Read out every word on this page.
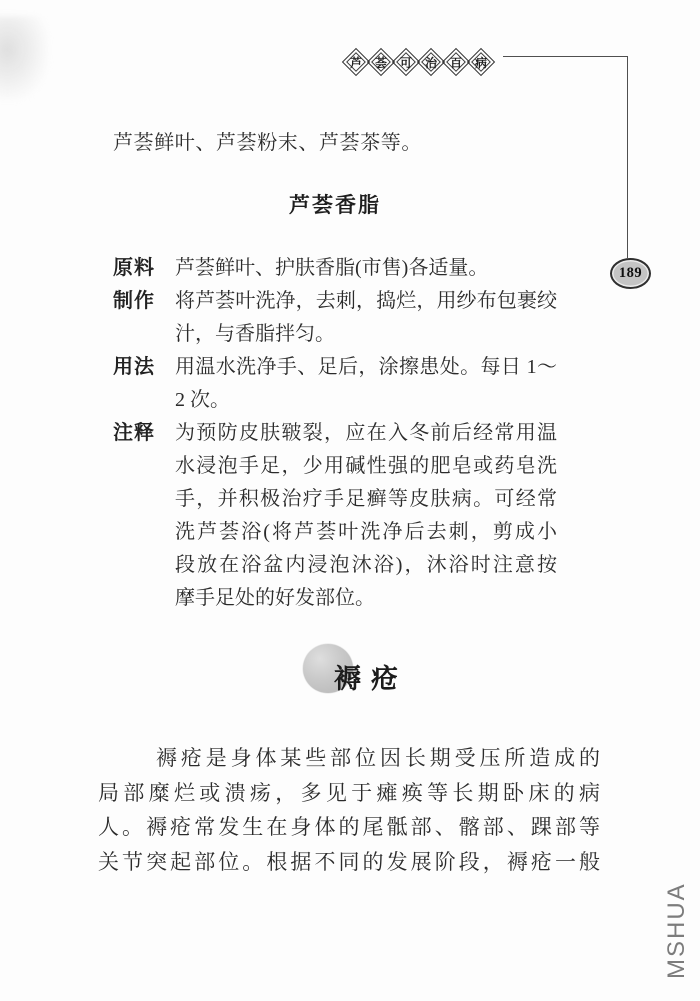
芦	荟	可	治	百	病
189
芦荟鲜叶、芦荟粉末、芦荟茶等。
芦荟香脂
原料 芦荟鲜叶、护肤香脂(市售)各适量。
制作 将芦荟叶洗净，去刺，捣烂，用纱布包裹绞
汁，与香脂拌匀。
用法 用温水洗净手、足后，涂擦患处。每日 1～
2 次。
注释 为预防皮肤皲裂，应在入冬前后经常用温
水浸泡手足，少用碱性强的肥皂或药皂洗
手，并积极治疗手足癣等皮肤病。可经常
洗芦荟浴(将芦荟叶洗净后去刺，剪成小
段放在浴盆内浸泡沐浴)，沐浴时注意按
摩手足处的好发部位。
褥疮
褥疮是身体某些部位因长期受压所造成的
局部糜烂或溃疡，多见于瘫痪等长期卧床的病
人。褥疮常发生在身体的尾骶部、髂部、踝部等
关节突起部位。根据不同的发展阶段，褥疮一般
MSHUA
